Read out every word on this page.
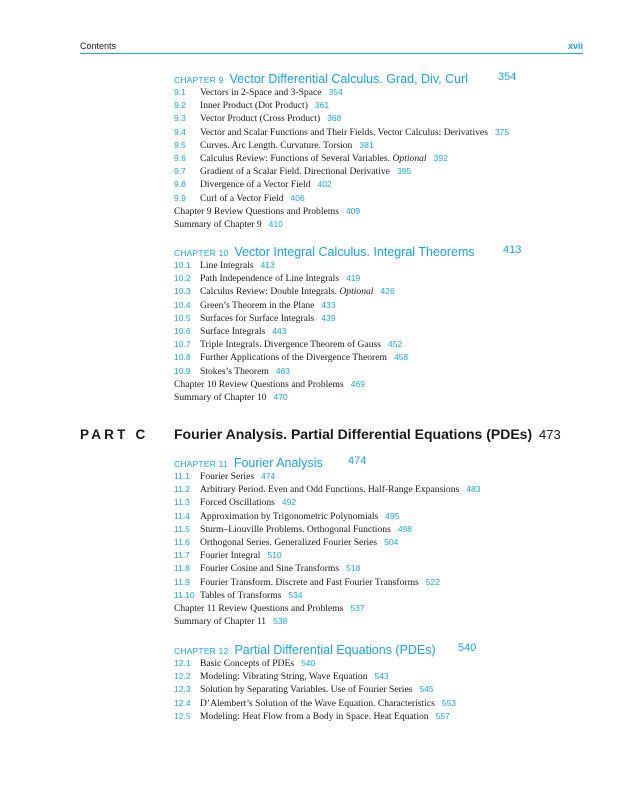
Contents	xvii
CHAPTER 9 Vector Differential Calculus. Grad, Div, Curl	354
9.1 Vectors in 2-Space and 3-Space 354
9.2 Inner Product (Dot Product) 361
9.3 Vector Product (Cross Product) 368
9.4 Vector and Scalar Functions and Their Fields. Vector Calculus: Derivatives 375
9.5 Curves. Arc Length. Curvature. Torsion 381
9.6 Calculus Review: Functions of Several Variables. Optional 392
9.7 Gradient of a Scalar Field. Directional Derivative 395
9.8 Divergence of a Vector Field 402
9.9 Curl of a Vector Field 406
Chapter 9 Review Questions and Problems 409
Summary of Chapter 9 410
CHAPTER 10 Vector Integral Calculus. Integral Theorems	413
10.1 Line Integrals 413
10.2 Path Independence of Line Integrals 419
10.3 Calculus Review: Double Integrals. Optional 426
10.4 Green’s Theorem in the Plane 433
10.5 Surfaces for Surface Integrals 439
10.6 Surface Integrals 443
10.7 Triple Integrals. Divergence Theorem of Gauss 452
10.8 Further Applications of the Divergence Theorem 458
10.9 Stokes’s Theorem 463
Chapter 10 Review Questions and Problems 469
Summary of Chapter 10 470
PART C Fourier Analysis. Partial Differential Equations (PDEs) 473
CHAPTER 11 Fourier Analysis 474
11.1 Fourier Series 474
11.2 Arbitrary Period. Even and Odd Functions. Half-Range Expansions 483
11.3 Forced Oscillations 492
11.4 Approximation by Trigonometric Polynomials 495
11.5 Sturm–Liouville Problems. Orthogonal Functions 498
11.6 Orthogonal Series. Generalized Fourier Series 504
11.7 Fourier Integral 510
11.8 Fourier Cosine and Sine Transforms 518
11.9 Fourier Transform. Discrete and Fast Fourier Transforms 522
11.10 Tables of Transforms 534
Chapter 11 Review Questions and Problems 537
Summary of Chapter 11 538
CHAPTER 12 Partial Differential Equations (PDEs) 540
12.1 Basic Concepts of PDEs 540
12.2 Modeling: Vibrating String, Wave Equation 543
12.3 Solution by Separating Variables. Use of Fourier Series 545
12.4 D’Alembert’s Solution of the Wave Equation. Characteristics 553
12.5 Modeling: Heat Flow from a Body in Space. Heat Equation 557
